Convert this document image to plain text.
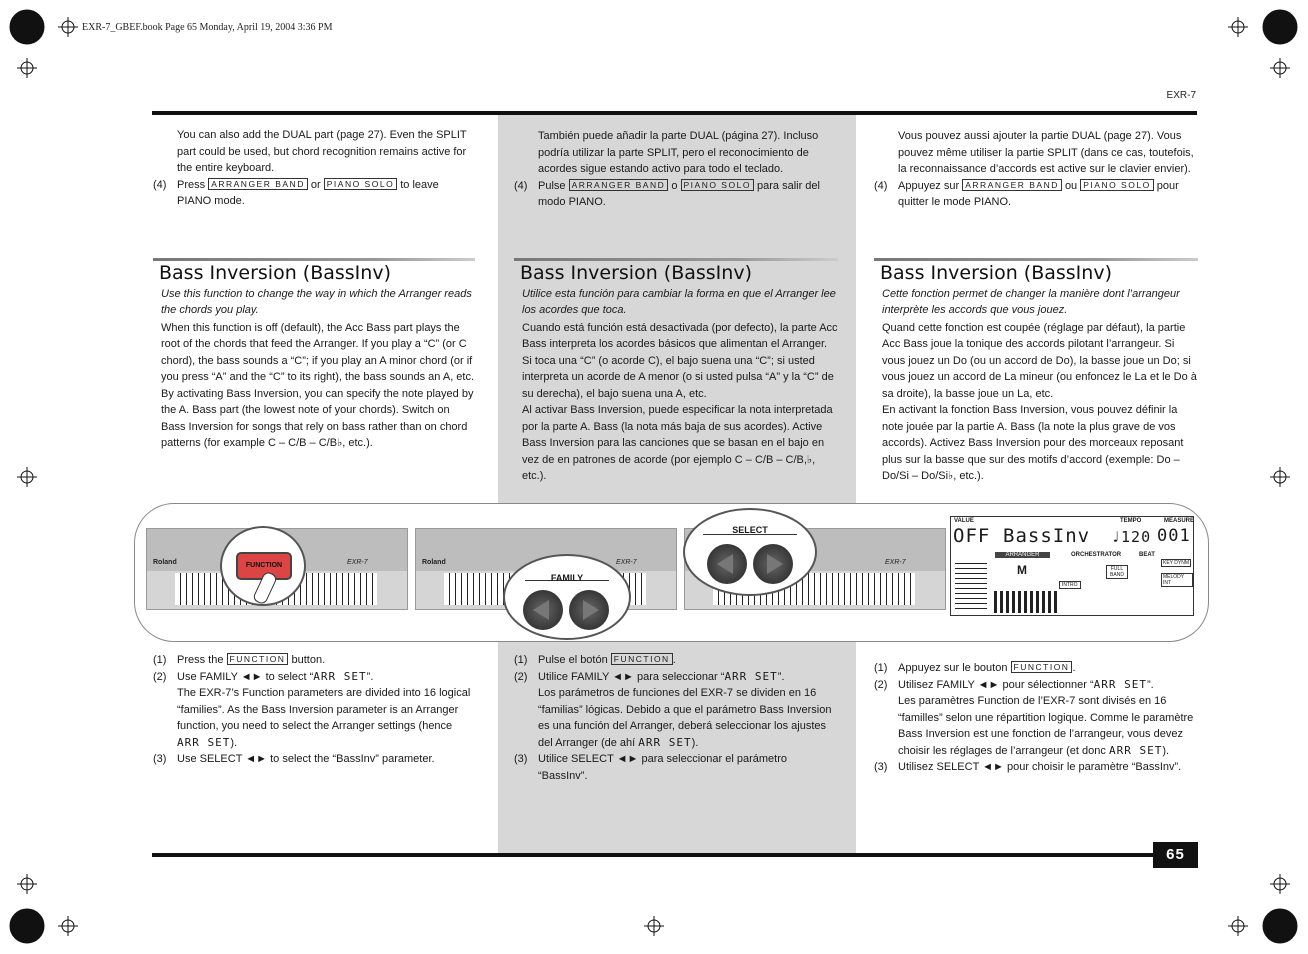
EXR-7_GBEF.book Page 65 Monday, April 19, 2004 3:36 PM
EXR-7

You can also add the DUAL part (page 27). Even the SPLIT part could be used, but chord recognition remains active for the entire keyboard.

(4) Press ARRANGER BAND or PIANO SOLO to leave PIANO mode.

Bass Inversion (BassInv)

Use this function to change the way in which the Arranger reads the chords you play.

When this function is off (default), the Acc Bass part plays the root of the chords that feed the Arranger. If you play a “C” (or C chord), the bass sounds a “C”; if you play an A minor chord (or if you press “A” and the “C” to its right), the bass sounds an A, etc.

By activating Bass Inversion, you can specify the note played by the A. Bass part (the lowest note of your chords). Switch on Bass Inversion for songs that rely on bass rather than on chord patterns (for example C – C/B – C/B♭, etc.).

(1) Press the FUNCTION button.

(2) Use FAMILY ◄► to select “ARR SET”.

The EXR-7’s Function parameters are divided into 16 logical “families”. As the Bass Inversion parameter is an Arranger function, you need to select the Arranger settings (hence ARR SET).

(3) Use SELECT ◄► to select the “BassInv” parameter.

También puede añadir la parte DUAL (página 27). Incluso podría utilizar la parte SPLIT, pero el reconocimiento de acordes sigue estando activo para todo el teclado.

(4) Pulse ARRANGER BAND o PIANO SOLO para salir del modo PIANO.

Bass Inversion (BassInv)

Utilice esta función para cambiar la forma en que el Arranger lee los acordes que toca.

Cuando está función está desactivada (por defecto), la parte Acc Bass interpreta los acordes básicos que alimentan el Arranger. Si toca una “C” (o acorde C), el bajo suena una “C”; si usted interpreta un acorde de A menor (o si usted pulsa “A” y la “C” de su derecha), el bajo suena una A, etc.

Al activar Bass Inversion, puede especificar la nota interpretada por la parte A. Bass (la nota más baja de sus acordes). Active Bass Inversion para las canciones que se basan en el bajo en vez de en patrones de acorde (por ejemplo C – C/B – C/B,♭, etc.).

(1) Pulse el botón FUNCTION .

(2) Utilice FAMILY ◄► para seleccionar “ARR SET”.

Los parámetros de funciones del EXR-7 se dividen en 16 “familias” lógicas. Debido a que el parámetro Bass Inversion es una función del Arranger, deberá seleccionar los ajustes del Arranger (de ahí ARR SET).

(3) Utilice SELECT ◄► para seleccionar el parámetro “BassInv”.

Vous pouvez aussi ajouter la partie DUAL (page 27). Vous pouvez même utiliser la partie SPLIT (dans ce cas, toutefois, la reconnaissance d’accords est active sur le clavier envier).

(4) Appuyez sur ARRANGER BAND ou PIANO SOLO pour quitter le mode PIANO.

Bass Inversion (BassInv)

Cette fonction permet de changer la manière dont l’arrangeur interprète les accords que vous jouez.

Quand cette fonction est coupée (réglage par défaut), la partie Acc Bass joue la tonique des accords pilotant l’arrangeur. Si vous jouez un Do (ou un accord de Do), la basse joue un Do; si vous jouez un accord de La mineur (ou enfoncez le La et le Do à sa droite), la basse joue un La, etc.

En activant la fonction Bass Inversion, vous pouvez définir la note jouée par la partie A. Bass (la note la plus grave de vos accords). Activez Bass Inversion pour des morceaux reposant plus sur la basse que sur des motifs d’accord (exemple: Do – Do/Si – Do/Si♭, etc.).

(1) Appuyez sur le bouton FUNCTION .

(2) Utilisez FAMILY ◄► pour sélectionner “ARR SET”.

Les paramètres Function de l’EXR-7 sont divisés en 16 “familles” selon une répartition logique. Comme le paramètre Bass Inversion est une fonction de l’arrangeur, vous devez choisir les réglages de l’arrangeur (et donc ARR SET).

(3) Utilisez SELECT ◄► pour choisir le paramètre “BassInv”.

Roland	EXR-7
FUNCTION	Roland	EXR-7
FAMILY
EXR-7
SELECT
VALUE	TEMPO	MEASURE
OFF BassInv ♩120 001
ARRANGER	ORCHESTRATOR	BEAT
M	FULL BAND
INTRO
KEY DYNM
MELODY INT
65
